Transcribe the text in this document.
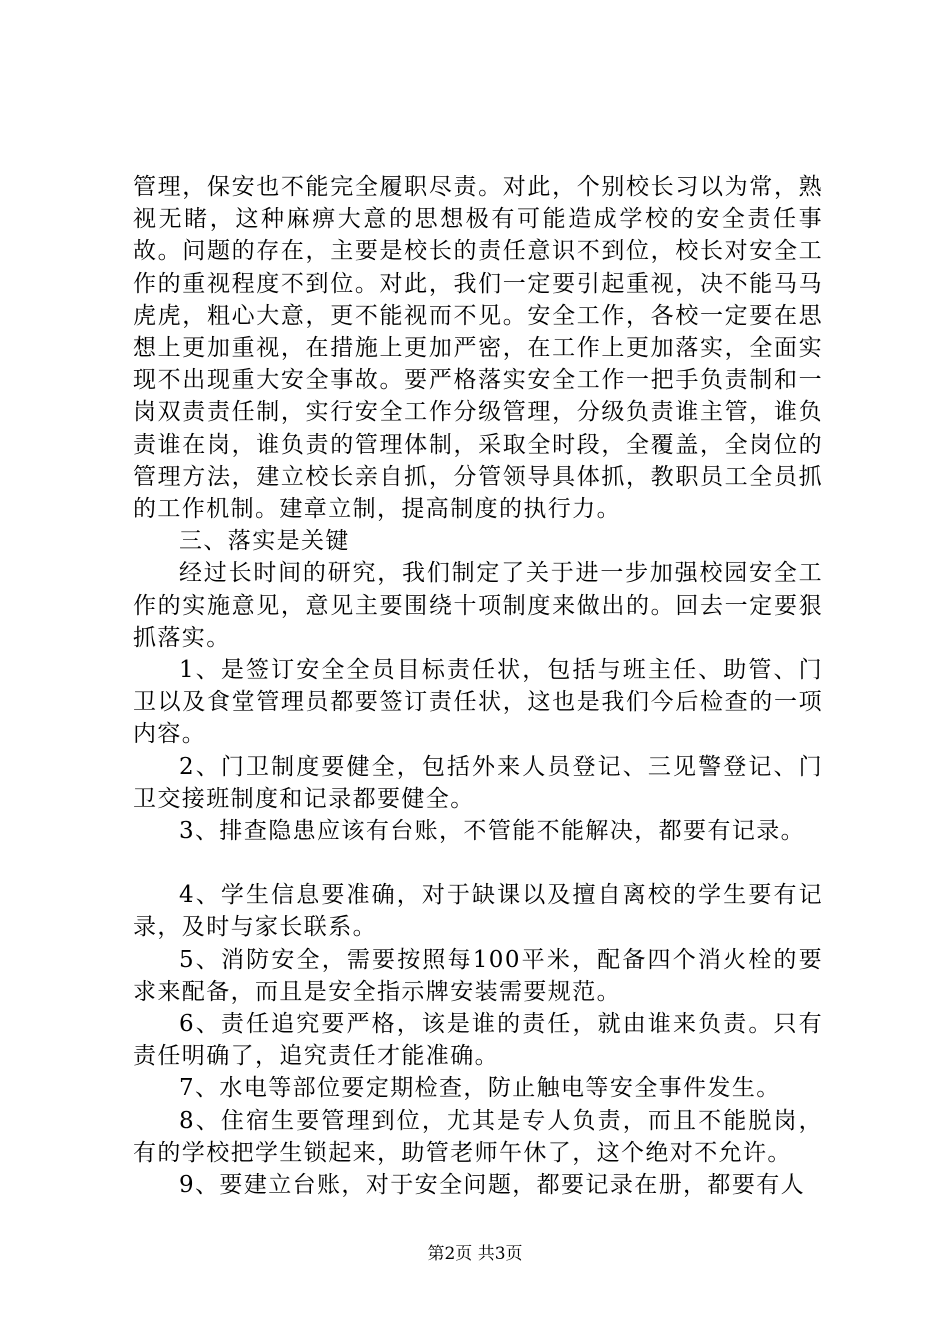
管理，保安也不能完全履职尽责。对此，个别校长习以为常，熟视无睹，这种麻痹大意的思想极有可能造成学校的安全责任事故。问题的存在，主要是校长的责任意识不到位，校长对安全工作的重视程度不到位。对此，我们一定要引起重视，决不能马马虎虎，粗心大意，更不能视而不见。安全工作，各校一定要在思想上更加重视，在措施上更加严密，在工作上更加落实，全面实现不出现重大安全事故。要严格落实安全工作一把手负责制和一岗双责责任制，实行安全工作分级管理，分级负责谁主管，谁负责谁在岗，谁负责的管理体制，采取全时段，全覆盖，全岗位的管理方法，建立校长亲自抓，分管领导具体抓，教职员工全员抓的工作机制。建章立制，提高制度的执行力。

三、落实是关键

经过长时间的研究，我们制定了关于进一步加强校园安全工作的实施意见，意见主要围绕十项制度来做出的。回去一定要狠抓落实。

1、是签订安全全员目标责任状，包括与班主任、助管、门卫以及食堂管理员都要签订责任状，这也是我们今后检查的一项内容。

2、门卫制度要健全，包括外来人员登记、三见警登记、门卫交接班制度和记录都要健全。

3、排查隐患应该有台账，不管能不能解决，都要有记录。

4、学生信息要准确，对于缺课以及擅自离校的学生要有记录，及时与家长联系。

5、消防安全，需要按照每100平米，配备四个消火栓的要求来配备，而且是安全指示牌安装需要规范。

6、责任追究要严格，该是谁的责任，就由谁来负责。只有责任明确了，追究责任才能准确。

7、水电等部位要定期检查，防止触电等安全事件发生。

8、住宿生要管理到位，尤其是专人负责，而且不能脱岗，有的学校把学生锁起来，助管老师午休了，这个绝对不允许。

9、要建立台账，对于安全问题，都要记录在册，都要有人

第2页 共3页
